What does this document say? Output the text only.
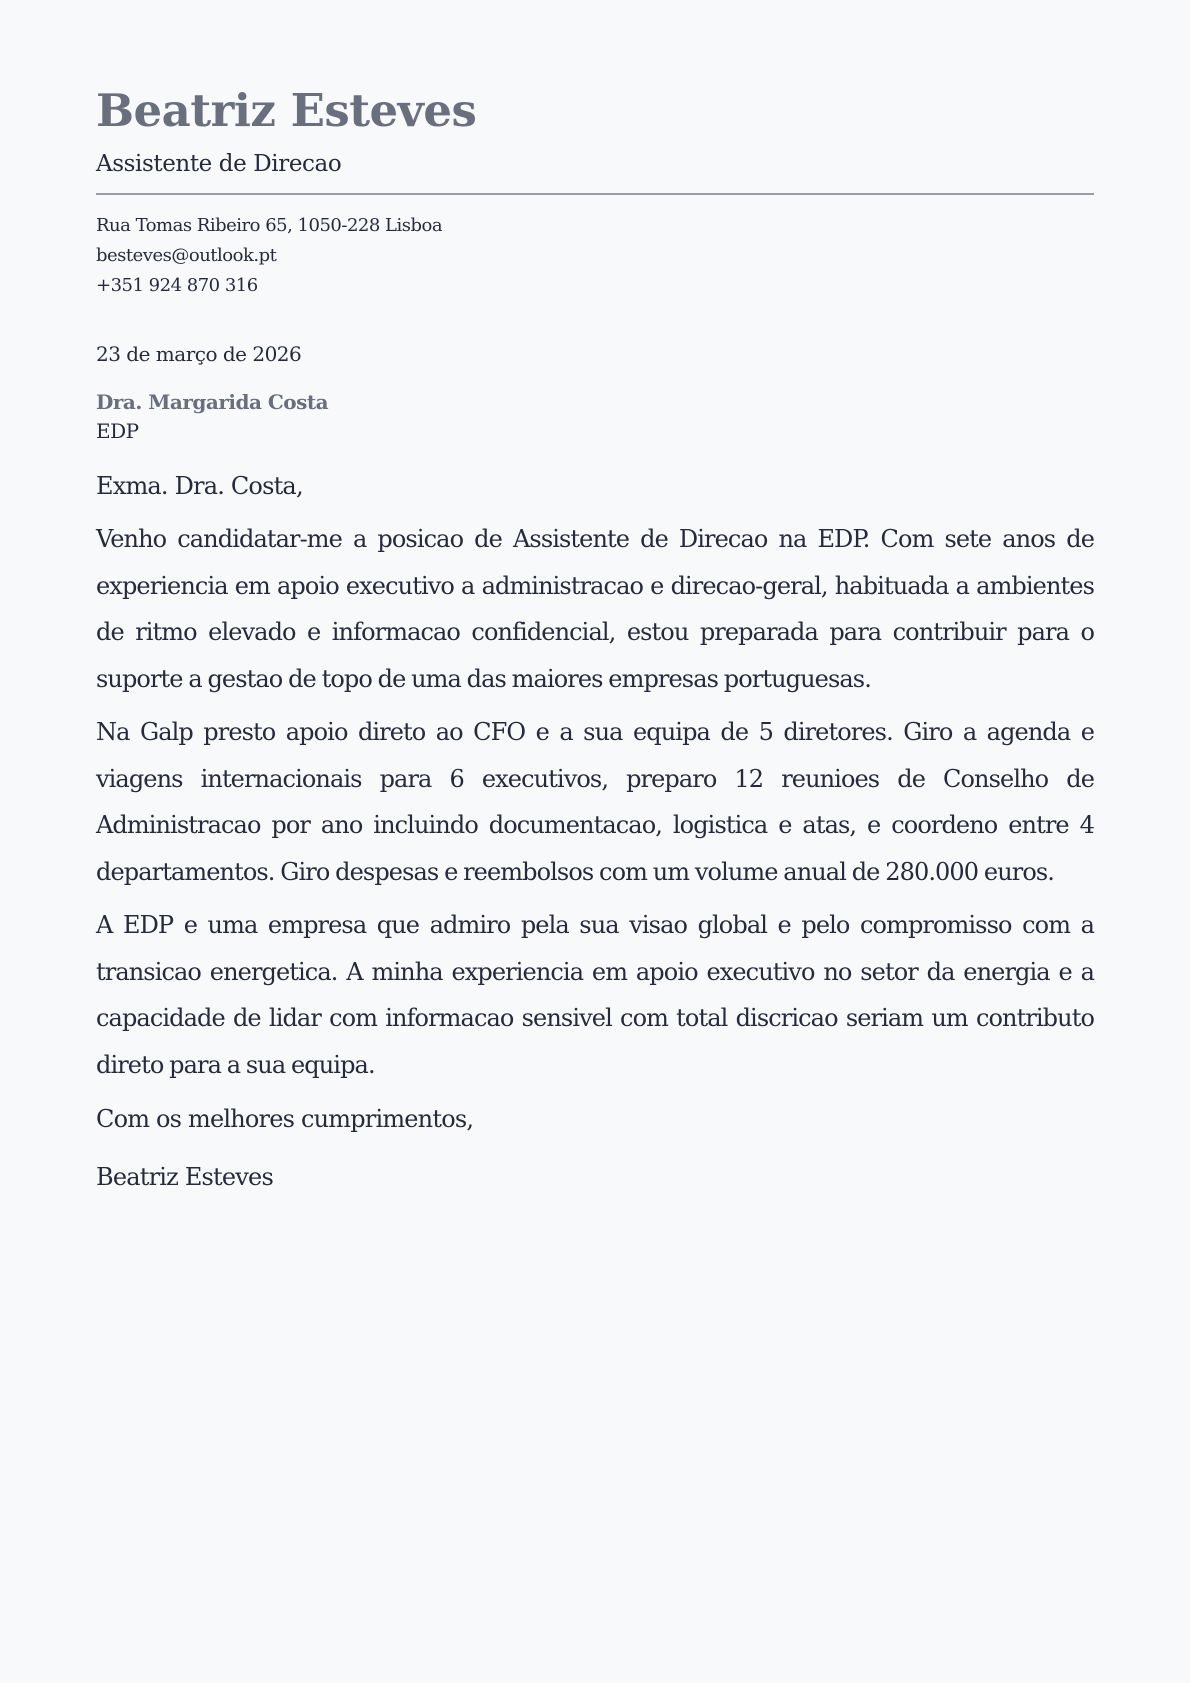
Beatriz Esteves
Assistente de Direcao
Rua Tomas Ribeiro 65, 1050-228 Lisboa
besteves@outlook.pt
+351 924 870 316
23 de março de 2026
Dra. Margarida Costa
EDP
Exma. Dra. Costa,
Venho candidatar-me a posicao de Assistente de Direcao na EDP. Com sete anos de experiencia em apoio executivo a administracao e direcao-geral, habituada a ambientes de ritmo elevado e informacao confidencial, estou preparada para contribuir para o suporte a gestao de topo de uma das maiores empresas portuguesas.
Na Galp presto apoio direto ao CFO e a sua equipa de 5 diretores. Giro a agenda e viagens internacionais para 6 executivos, preparo 12 reunioes de Conselho de Administracao por ano incluindo documentacao, logistica e atas, e coordeno entre 4 departamentos. Giro despesas e reembolsos com um volume anual de 280.000 euros.
A EDP e uma empresa que admiro pela sua visao global e pelo compromisso com a transicao energetica. A minha experiencia em apoio executivo no setor da energia e a capacidade de lidar com informacao sensivel com total discricao seriam um contributo direto para a sua equipa.
Com os melhores cumprimentos,
Beatriz Esteves
